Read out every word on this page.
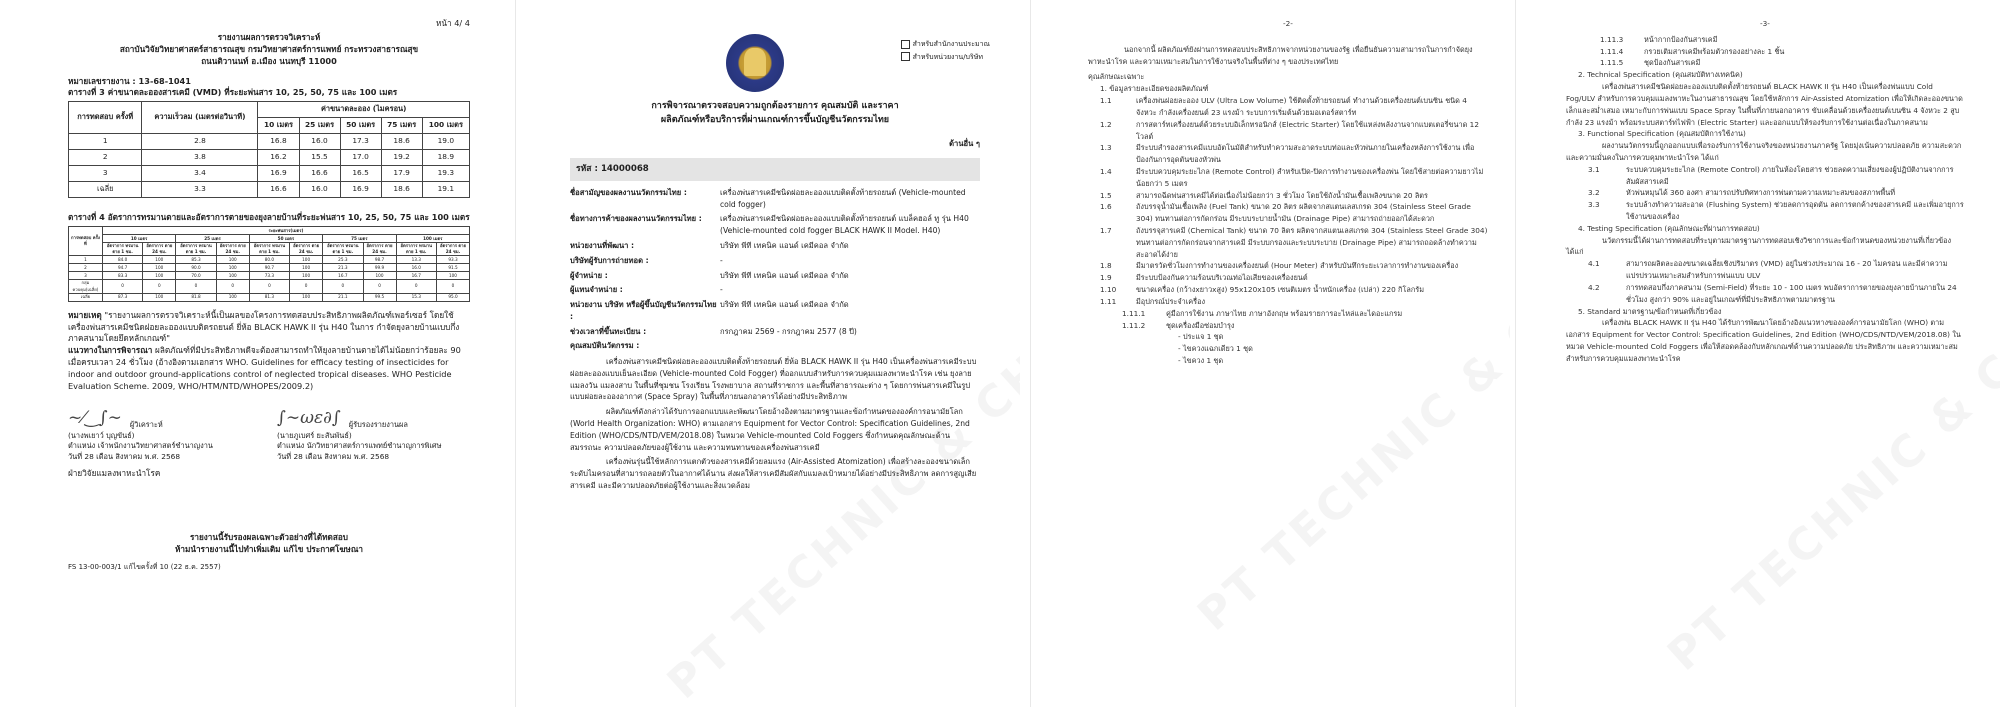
หน้า 4/ 4
รายงานผลการตรวจวิเคราะห์
สถาบันวิจัยวิทยาศาสตร์สาธารณสุข กรมวิทยาศาสตร์การแพทย์ กระทรวงสาธารณสุข
ถนนติวานนท์ อ.เมือง นนทบุรี 11000
หมายเลขรายงาน : 13-68-1041
ตารางที่ 3 ค่าขนาดละอองสารเคมี (VMD) ที่ระยะพ่นสาร 10, 25, 50, 75 และ 100 เมตร
การทดสอบ ครั้งที่	ความเร็วลม (เมตรต่อวินาที)	ค่าขนาดละออง (ไมครอน)				
		10 เมตร	25 เมตร	50 เมตร	75 เมตร	100 เมตร
1	2.8	16.8	16.0	17.3	18.6	19.0
2	3.8	16.2	15.5	17.0	19.2	18.9
3	3.4	16.9	16.6	16.5	17.9	19.3
เฉลี่ย	3.3	16.6	16.0	16.9	18.6	19.1
ตารางที่ 4 อัตราการทรมานตายและอัตราการตายของยุงลายบ้านที่ระยะพ่นสาร 10, 25, 50, 75 และ 100 เมตร
การทดสอบ ครั้งที่	ระยะพ่นสาร(เมตร)									
	10 เมตร		25 เมตร		50 เมตร		75 เมตร		100 เมตร	
	อัตราการ ทรมานตาย 1 ชม.	อัตราการ ตาย 24 ชม.	อัตราการ ทรมานตาย 1 ชม.	อัตราการ ตาย 24 ชม.	อัตราการ ทรมานตาย 1 ชม.	อัตราการ ตาย 24 ชม.	อัตราการ ทรมานตาย 1 ชม.	อัตราการ ตาย 24 ชม.	อัตราการ ทรมานตาย 1 ชม.	อัตราการ ตาย 24 ชม.
1	84.0	100	85.3	100	80.0	100	25.3	98.7	13.3	93.3
2	94.7	100	90.0	100	90.7	100	21.3	99.9	16.0	91.5
3	83.3	100	70.0	100	73.3	100	16.7	100	16.7	100
กลุ่มควบคุม(เฉลี่ย)	0	0	0	0	0	0	0	0	0	0
เฉลี่ย	87.3	100	81.8	100	81.3	100	21.1	99.5	15.3	95.0
หมายเหตุ "รายงานผลการตรวจวิเคราะห์นี้เป็นผลของโครงการทดสอบประสิทธิภาพผลิตภัณฑ์เพอร์เซอร์ โดยใช้เครื่องพ่นสารเคมีชนิดฝอยละอองแบบติดรถยนต์ ยี่ห้อ BLACK HAWK II รุ่น H40 ในการ กำจัดยุงลายบ้านแบบกึ่งภาคสนามโดยยึดหลักเกณฑ์"
แนวทางในการพิจารณา ผลิตภัณฑ์ที่มีประสิทธิภาพดีจะต้องสามารถทำให้ยุงลายบ้านตายได้ไม่น้อยกว่าร้อยละ 90 เมื่อครบเวลา 24 ชั่วโมง (อ้างอิงตามเอกสาร WHO. Guidelines for efficacy testing of insecticides for indoor and outdoor ground-applications control of neglected tropical diseases. WHO Pesticide Evaluation Scheme. 2009, WHO/HTM/NTD/WHOPES/2009.2)
~⁄‿∫∼ ผู้วิเคราะห์
(นางพเยาว์ บุญขันธ์)
ตำแหน่ง เจ้าพนักงานวิทยาศาสตร์ชำนาญงาน
วันที่ 28 เดือน สิงหาคม พ.ศ. 2568
∫∼ωε∂∫ ผู้รับรองรายงานผล
(นายภูเบศร์ ยะสันพันธ์)
ตำแหน่ง นักวิทยาศาสตร์การแพทย์ชำนาญการพิเศษ
วันที่ 28 เดือน สิงหาคม พ.ศ. 2568
ฝ่ายวิจัยแมลงพาหะนำโรค
รายงานนี้รับรองผลเฉพาะตัวอย่างที่ได้ทดสอบ
ห้ามนำรายงานนี้ไปทำเพิ่มเติม แก้ไข ประกาศโฆษณา
FS 13-00-003/1 แก้ไขครั้งที่ 10 (22 ธ.ค. 2557)
สำหรับสำนักงานประมาณ
สำหรับหน่วยงาน/บริษัท
การพิจารณาตรวจสอบความถูกต้องรายการ คุณสมบัติ และราคา
ผลิตภัณฑ์หรือบริการที่ผ่านเกณฑ์การขึ้นบัญชีนวัตกรรมไทย
ด้านอื่น ๆ
รหัส : 14000068
ชื่อสามัญของผลงานนวัตกรรมไทย :	เครื่องพ่นสารเคมีชนิดฝอยละอองแบบติดตั้งท้ายรถยนต์ (Vehicle-mounted cold fogger)
ชื่อทางการค้าของผลงานนวัตกรรมไทย :	เครื่องพ่นสารเคมีชนิดฝอยละอองแบบติดตั้งท้ายรถยนต์ แบล็คฮอล์ ทู รุ่น H40 (Vehicle-mounted cold fogger BLACK HAWK II Model. H40)
หน่วยงานที่พัฒนา :	บริษัท พีที เทคนิค แอนด์ เคมีคอล จำกัด
บริษัทผู้รับการถ่ายทอด :	-
ผู้จำหน่าย :	บริษัท พีที เทคนิค แอนด์ เคมีคอล จำกัด
ผู้แทนจำหน่าย :	-
หน่วยงาน บริษัท หรือผู้ขึ้นบัญชีนวัตกรรมไทย :
บริษัท พีที เทคนิค แอนด์ เคมีคอล จำกัด
ช่วงเวลาที่ขึ้นทะเบียน :	กรกฎาคม 2569 - กรกฎาคม 2577 (8 ปี)
คุณสมบัตินวัตกรรม :

เครื่องพ่นสารเคมีชนิดฝอยละอองแบบติดตั้งท้ายรถยนต์ ยี่ห้อ BLACK HAWK II รุ่น H40 เป็นเครื่องพ่นสารเคมีระบบฝอยละอองแบบเย็นละเอียด (Vehicle-mounted Cold Fogger) ที่ออกแบบสำหรับการควบคุมแมลงพาหะนำโรค เช่น ยุงลาย แมลงวัน แมลงสาบ ในพื้นที่ชุมชน โรงเรียน โรงพยาบาล สถานที่ราชการ และพื้นที่สาธารณะต่าง ๆ โดยการพ่นสารเคมีในรูปแบบฝอยละอองอากาศ (Space Spray) ในพื้นที่ภายนอกอาคารได้อย่างมีประสิทธิภาพ

ผลิตภัณฑ์ดังกล่าวได้รับการออกแบบและพัฒนาโดยอ้างอิงตามมาตรฐานและข้อกำหนดขององค์การอนามัยโลก (World Health Organization: WHO) ตามเอกสาร Equipment for Vector Control: Specification Guidelines, 2nd Edition (WHO/CDS/NTD/VEM/2018.08) ในหมวด Vehicle-mounted Cold Foggers ซึ่งกำหนดคุณลักษณะด้านสมรรถนะ ความปลอดภัยของผู้ใช้งาน และความทนทานของเครื่องพ่นสารเคมี

เครื่องพ่นรุ่นนี้ใช้หลักการแตกตัวของสารเคมีด้วยลมแรง (Air-Assisted Atomization) เพื่อสร้างละอองขนาดเล็กระดับไมครอนที่สามารถลอยตัวในอากาศได้นาน ส่งผลให้สารเคมีสัมผัสกับแมลงเป้าหมายได้อย่างมีประสิทธิภาพ ลดการสูญเสียสารเคมี และมีความปลอดภัยต่อผู้ใช้งานและสิ่งแวดล้อม

-2-

นอกจากนี้ ผลิตภัณฑ์ยังผ่านการทดสอบประสิทธิภาพจากหน่วยงานของรัฐ เพื่อยืนยันความสามารถในการกำจัดยุงพาหะนำโรค และความเหมาะสมในการใช้งานจริงในพื้นที่ต่าง ๆ ของประเทศไทย

คุณลักษณะเฉพาะ
1. ข้อมูลรายละเอียดของผลิตภัณฑ์
1.1	เครื่องพ่นฝอยละออง ULV (Ultra Low Volume) ใช้ติดตั้งท้ายรถยนต์ ทำงานด้วยเครื่องยนต์เบนซิน ชนิด 4 จังหวะ กำลังเครื่องยนต์ 23 แรงม้า ระบบการเริ่มต้นด้วยมอเตอร์สตาร์ท
1.2	การสตาร์ทเครื่องยนต์ด้วยระบบอิเล็กทรอนิกส์ (Electric Starter) โดยใช้แหล่งพลังงานจากแบตเตอรี่ขนาด 12 โวลต์
1.3	มีระบบสำรองสารเคมีแบบอัตโนมัติสำหรับทำความสะอาดระบบท่อและหัวพ่นภายในเครื่องหลังการใช้งาน เพื่อป้องกันการอุดตันของหัวพ่น
1.4	มีระบบควบคุมระยะไกล (Remote Control) สำหรับเปิด-ปิดการทำงานของเครื่องพ่น โดยใช้สายต่อความยาวไม่น้อยกว่า 5 เมตร
1.5	สามารถฉีดพ่นสารเคมีได้ต่อเนื่องไม่น้อยกว่า 3 ชั่วโมง โดยใช้ถังน้ำมันเชื้อเพลิงขนาด 20 ลิตร
1.6	ถังบรรจุน้ำมันเชื้อเพลิง (Fuel Tank) ขนาด 20 ลิตร ผลิตจากสแตนเลสเกรด 304 (Stainless Steel Grade 304) ทนทานต่อการกัดกร่อน มีระบบระบายน้ำมัน (Drainage Pipe) สามารถถ่ายออกได้สะดวก
1.7	ถังบรรจุสารเคมี (Chemical Tank) ขนาด 70 ลิตร ผลิตจากสแตนเลสเกรด 304 (Stainless Steel Grade 304) ทนทานต่อการกัดกร่อนจากสารเคมี มีระบบกรองและระบบระบาย (Drainage Pipe) สามารถถอดล้างทำความสะอาดได้ง่าย
1.8	มีมาตรวัดชั่วโมงการทำงานของเครื่องยนต์ (Hour Meter) สำหรับบันทึกระยะเวลาการทำงานของเครื่อง
1.9	มีระบบป้องกันความร้อนบริเวณท่อไอเสียของเครื่องยนต์
1.10	ขนาดเครื่อง (กว้างxยาวxสูง) 95x120x105 เซนติเมตร น้ำหนักเครื่อง (เปล่า) 220 กิโลกรัม
1.11	มีอุปกรณ์ประจำเครื่อง
1.11.1	คู่มือการใช้งาน ภาษาไทย ภาษาอังกฤษ พร้อมรายการอะไหล่และไดอะแกรม
1.11.2	ชุดเครื่องมือซ่อมบำรุง
- ประแจ 1 ชุด
- ไขควงแฉกเดียว 1 ชุด
- ไขควง 1 ชุด
-3-
1.11.3	หน้ากากป้องกันสารเคมี
1.11.4	กรวยเติมสารเคมีพร้อมตัวกรองอย่างละ 1 ชิ้น
1.11.5	ชุดป้องกันสารเคมี
2. Technical Specification (คุณสมบัติทางเทคนิค)

เครื่องพ่นสารเคมีชนิดฝอยละอองแบบติดตั้งท้ายรถยนต์ BLACK HAWK II รุ่น H40 เป็นเครื่องพ่นแบบ Cold Fog/ULV สำหรับการควบคุมแมลงพาหะในงานสาธารณสุข โดยใช้หลักการ Air-Assisted Atomization เพื่อให้เกิดละอองขนาดเล็กและสม่ำเสมอ เหมาะกับการพ่นแบบ Space Spray ในพื้นที่ภายนอกอาคาร ขับเคลื่อนด้วยเครื่องยนต์เบนซิน 4 จังหวะ 2 สูบ กำลัง 23 แรงม้า พร้อมระบบสตาร์ทไฟฟ้า (Electric Starter) และออกแบบให้รองรับการใช้งานต่อเนื่องในภาคสนาม

3. Functional Specification (คุณสมบัติการใช้งาน)

ผลงานนวัตกรรมนี้ถูกออกแบบเพื่อรองรับการใช้งานจริงของหน่วยงานภาครัฐ โดยมุ่งเน้นความปลอดภัย ความสะดวก และความมั่นคงในการควบคุมพาหะนำโรค ได้แก่

3.1	ระบบควบคุมระยะไกล (Remote Control) ภายในห้องโดยสาร ช่วยลดความเสี่ยงของผู้ปฏิบัติงานจากการสัมผัสสารเคมี
3.2	หัวพ่นหมุนได้ 360 องศา สามารถปรับทิศทางการพ่นตามความเหมาะสมของสภาพพื้นที่
3.3	ระบบล้างทำความสะอาด (Flushing System) ช่วยลดการอุดตัน ลดการตกค้างของสารเคมี และเพิ่มอายุการใช้งานของเครื่อง
4. Testing Specification (คุณลักษณะที่ผ่านการทดสอบ)

นวัตกรรมนี้ได้ผ่านการทดสอบที่ระบุตามมาตรฐานการทดสอบเชิงวิชาการและข้อกำหนดของหน่วยงานที่เกี่ยวข้อง ได้แก่

4.1	สามารถผลิตละอองขนาดเฉลี่ยเชิงปริมาตร (VMD) อยู่ในช่วงประมาณ 16 - 20 ไมครอน และมีค่าความแปรปรวนเหมาะสมสำหรับการพ่นแบบ ULV
4.2	การทดสอบกึ่งภาคสนาม (Semi-Field) ที่ระยะ 10 - 100 เมตร พบอัตราการตายของยุงลายบ้านภายใน 24 ชั่วโมง สูงกว่า 90% และอยู่ในเกณฑ์ที่มีประสิทธิภาพตามมาตรฐาน
5. Standard มาตรฐาน/ข้อกำหนดที่เกี่ยวข้อง

เครื่องพ่น BLACK HAWK II รุ่น H40 ได้รับการพัฒนาโดยอ้างอิงแนวทางขององค์การอนามัยโลก (WHO) ตามเอกสาร Equipment for Vector Control: Specification Guidelines, 2nd Edition (WHO/CDS/NTD/VEM/2018.08) ในหมวด Vehicle-mounted Cold Foggers เพื่อให้สอดคล้องกับหลักเกณฑ์ด้านความปลอดภัย ประสิทธิภาพ และความเหมาะสมสำหรับการควบคุมแมลงพาหะนำโรค
